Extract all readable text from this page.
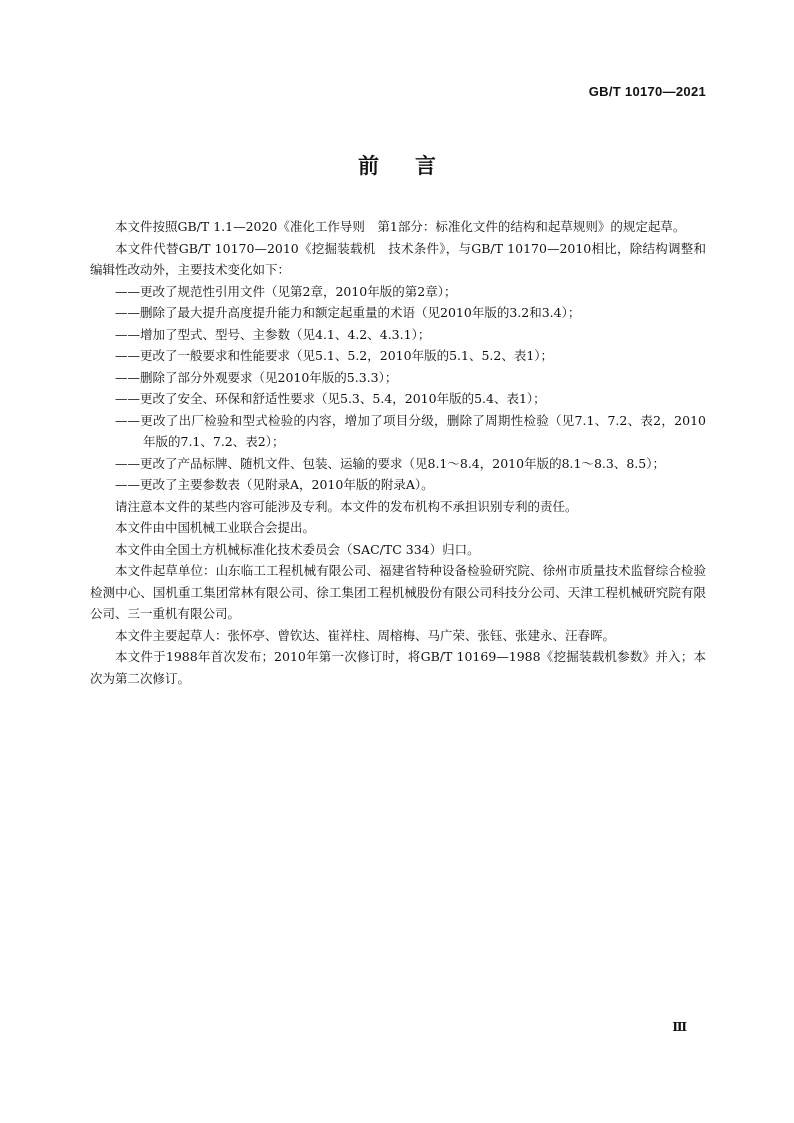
GB/T 10170—2021
前言

本文件按照GB/T 1.1—2020《准化工作导则　第1部分：标准化文件的结构和起草规则》的规定起草。

本文件代替GB/T 10170—2010《挖掘装载机　技术条件》，与GB/T 10170—2010相比，除结构调整和编辑性改动外，主要技术变化如下：

——更改了规范性引用文件（见第2章，2010年版的第2章）；

——删除了最大提升高度提升能力和额定起重量的术语（见2010年版的3.2和3.4）；

——增加了型式、型号、主参数（见4.1、4.2、4.3.1）；

——更改了一般要求和性能要求（见5.1、5.2，2010年版的5.1、5.2、表1）；

——删除了部分外观要求（见2010年版的5.3.3）；

——更改了安全、环保和舒适性要求（见5.3、5.4，2010年版的5.4、表1）；

——更改了出厂检验和型式检验的内容，增加了项目分级，删除了周期性检验（见7.1、7.2、表2，2010年版的7.1、7.2、表2）；

——更改了产品标牌、随机文件、包装、运输的要求（见8.1～8.4，2010年版的8.1～8.3、8.5）；

——更改了主要参数表（见附录A，2010年版的附录A）。

请注意本文件的某些内容可能涉及专利。本文件的发布机构不承担识别专利的责任。

本文件由中国机械工业联合会提出。

本文件由全国土方机械标准化技术委员会（SAC/TC 334）归口。

本文件起草单位：山东临工工程机械有限公司、福建省特种设备检验研究院、徐州市质量技术监督综合检验检测中心、国机重工集团常林有限公司、徐工集团工程机械股份有限公司科技分公司、天津工程机械研究院有限公司、三一重机有限公司。

本文件主要起草人：张怀亭、曾钦达、崔祥柱、周榕梅、马广荣、张钰、张建永、汪春晖。

本文件于1988年首次发布；2010年第一次修订时，将GB/T 10169—1988《挖掘装载机参数》并入；本次为第二次修订。

Ⅲ
